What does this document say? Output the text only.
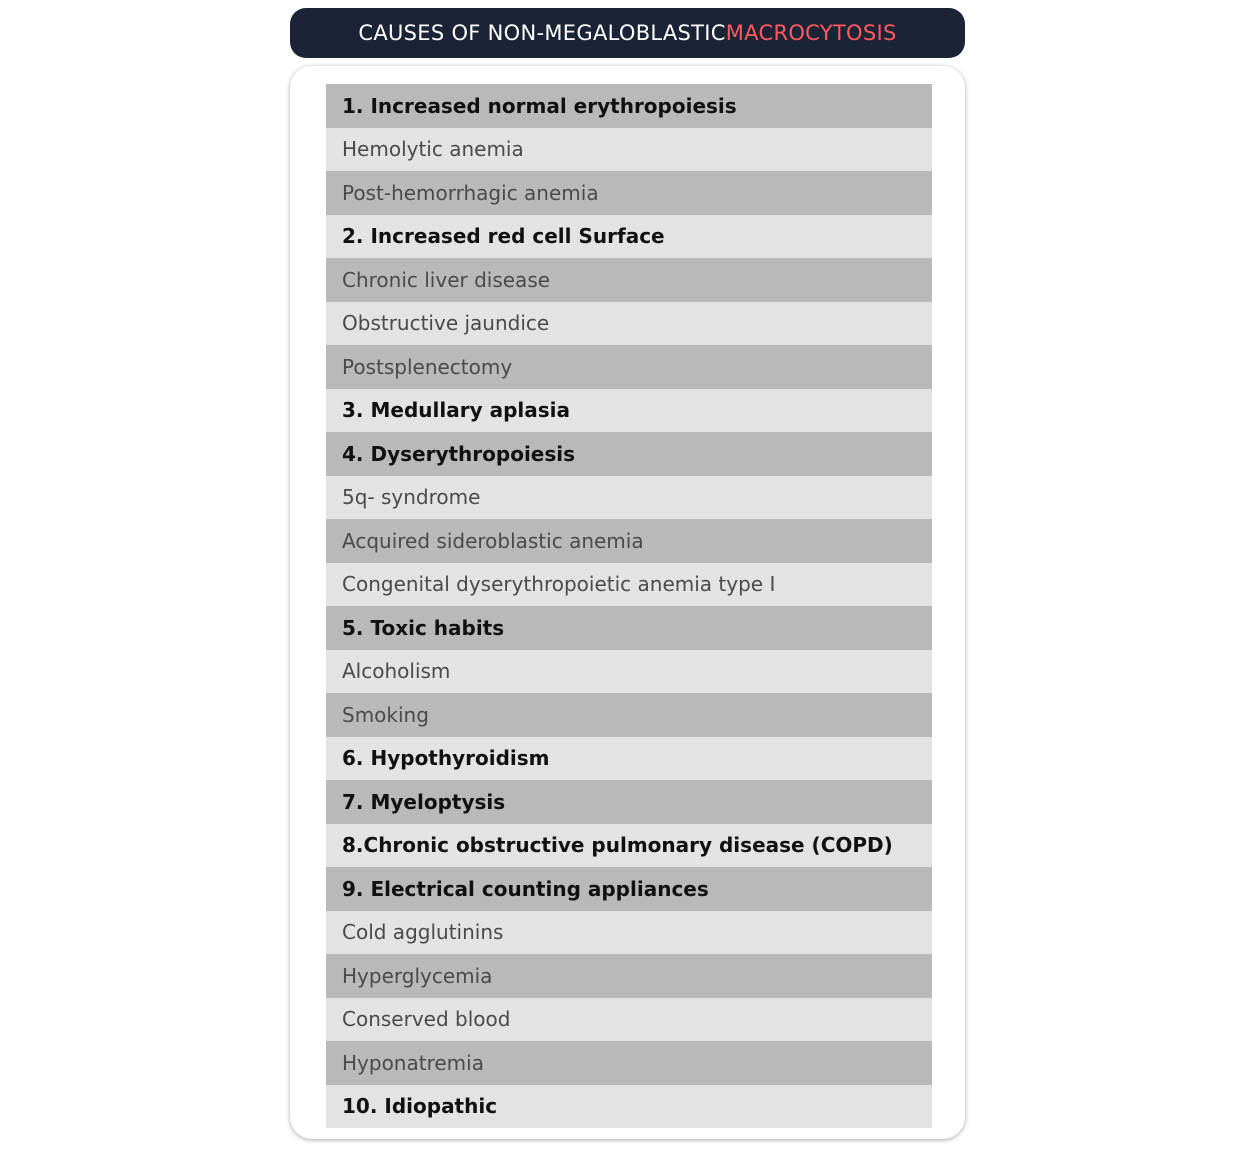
CAUSES OF NON-MEGALOBLASTIC MACROCYTOSIS
1. Increased normal erythropoiesis
Hemolytic anemia
Post-hemorrhagic anemia
2. Increased red cell Surface
Chronic liver disease
Obstructive jaundice
Postsplenectomy
3. Medullary aplasia
4. Dyserythropoiesis
5q- syndrome
Acquired sideroblastic anemia
Congenital dyserythropoietic anemia type I
5. Toxic habits
Alcoholism
Smoking
6. Hypothyroidism
7. Myeloptysis
8.Chronic obstructive pulmonary disease (COPD)
9. Electrical counting appliances
Cold agglutinins
Hyperglycemia
Conserved blood
Hyponatremia
10. Idiopathic
